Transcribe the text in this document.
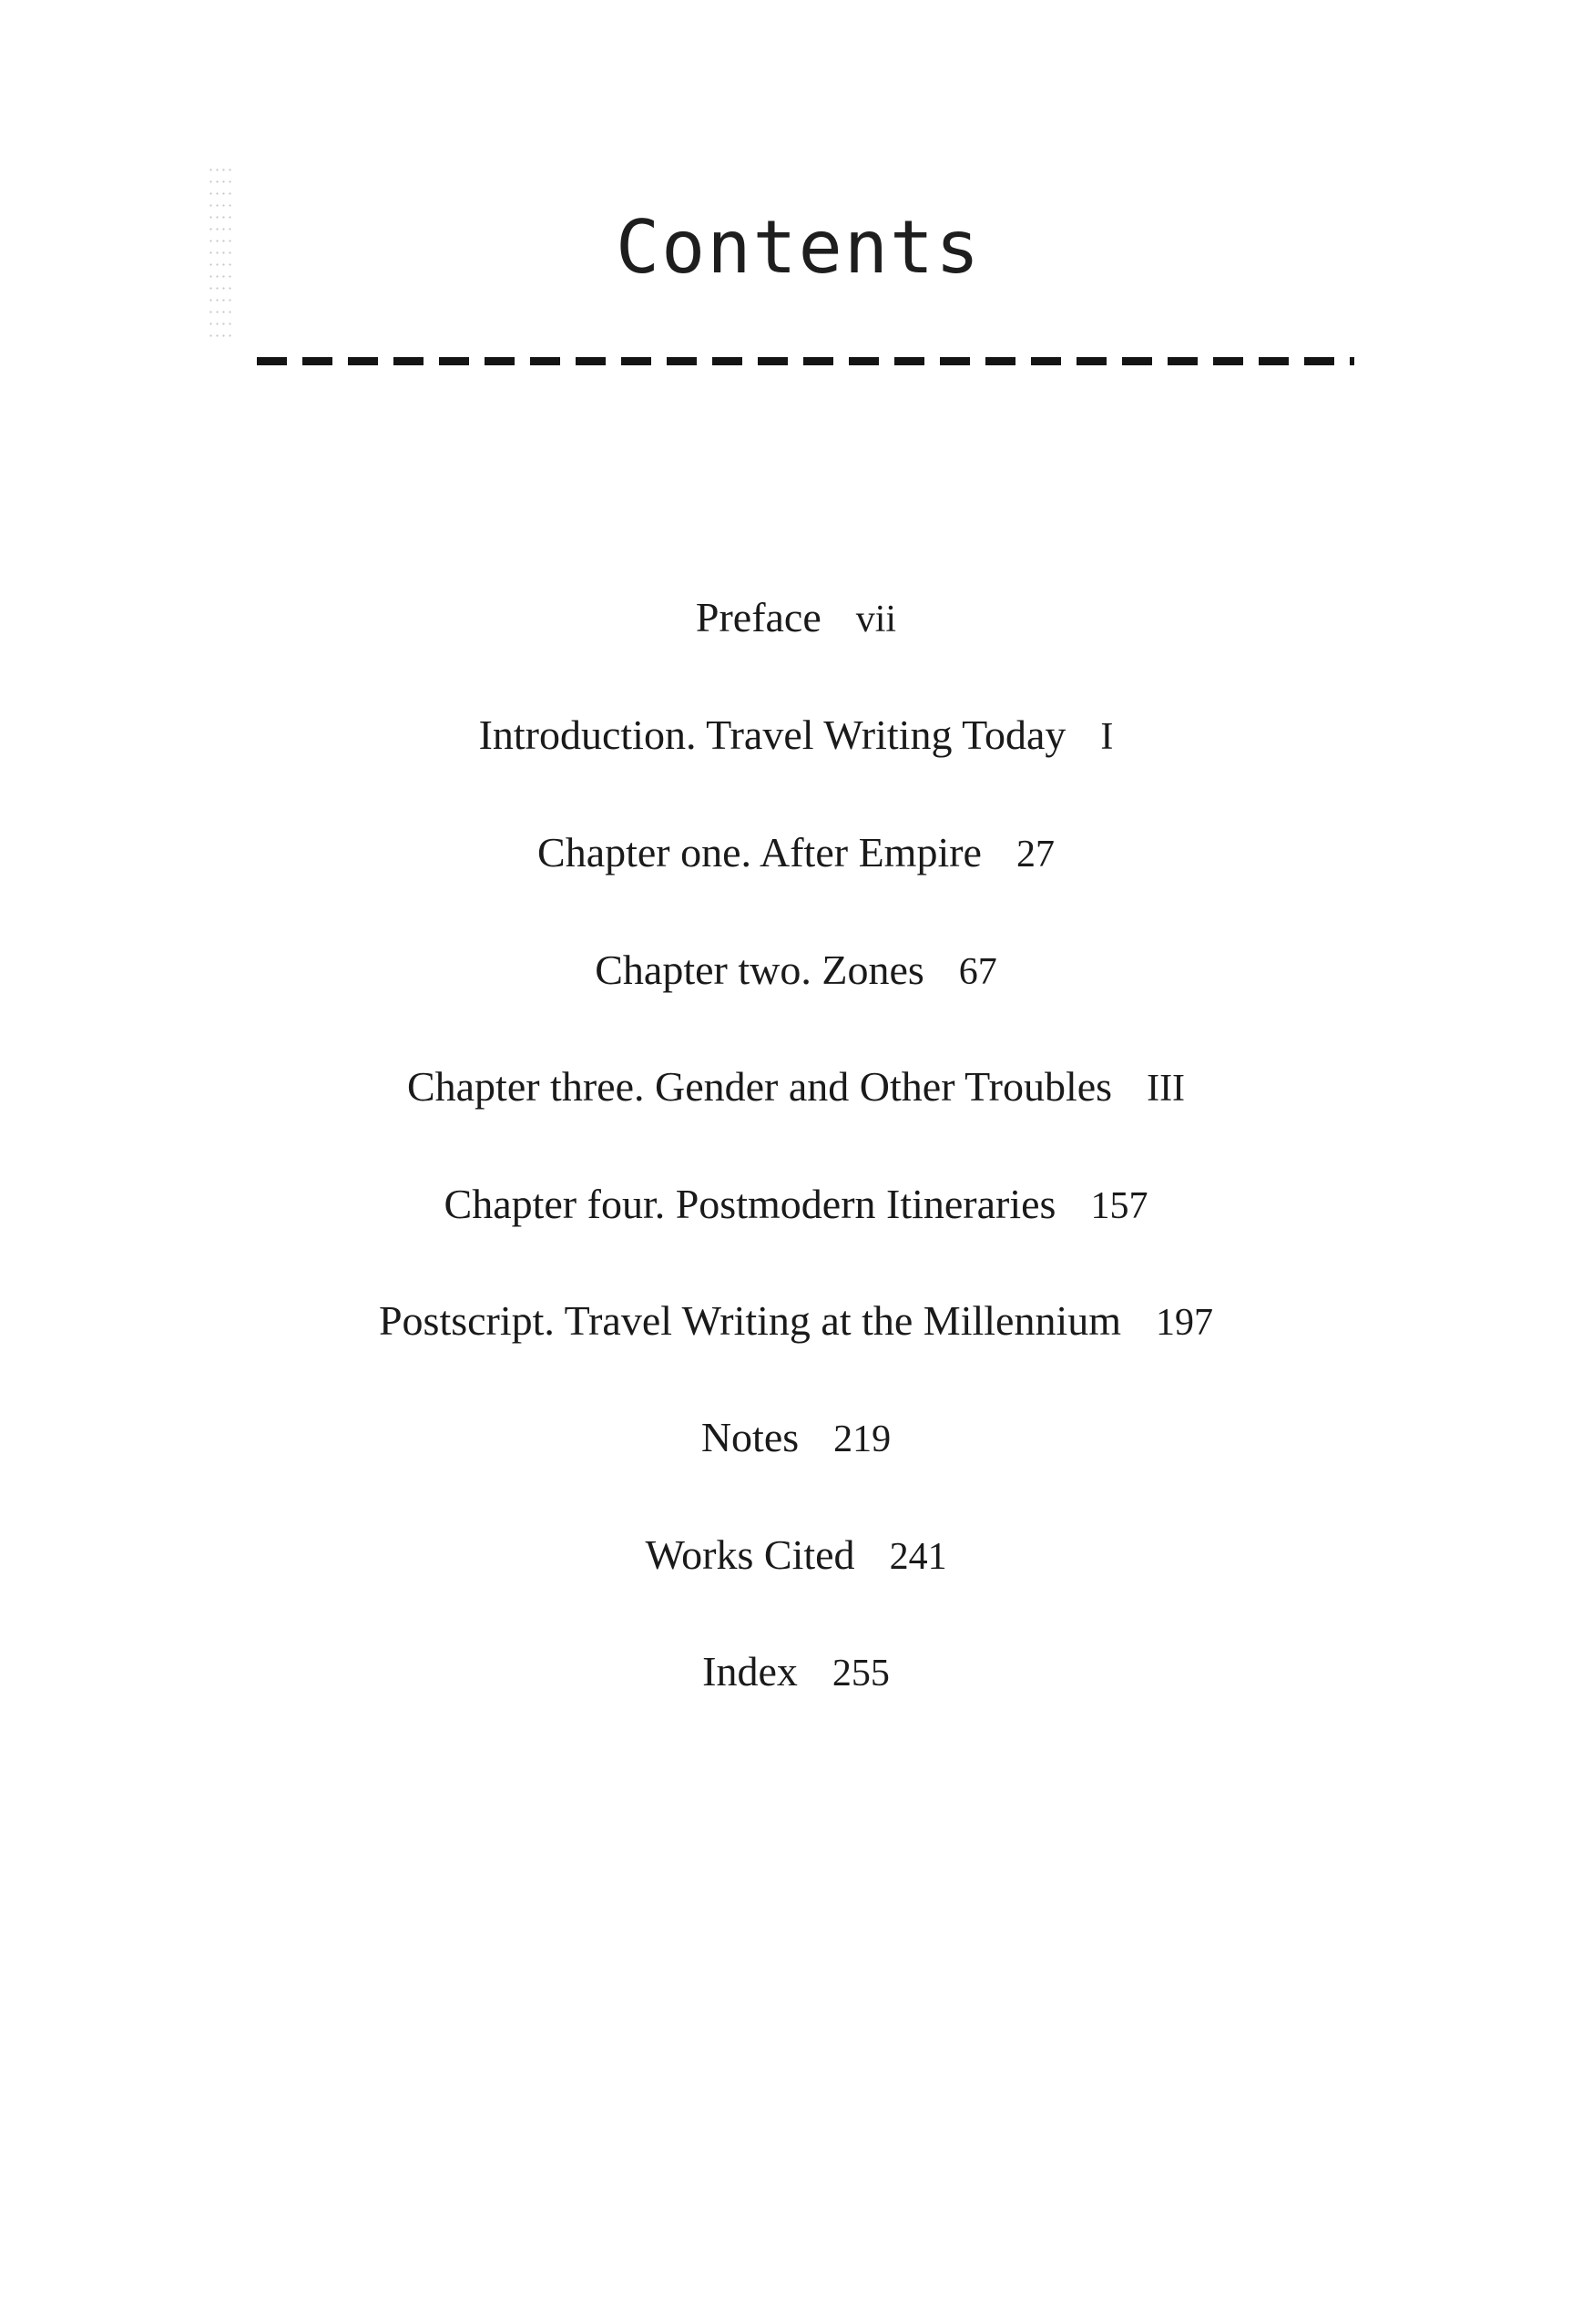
Contents
Preface vii
Introduction. Travel Writing Today I
Chapter one. After Empire 27
Chapter two. Zones 67
Chapter three. Gender and Other Troubles III
Chapter four. Postmodern Itineraries 157
Postscript. Travel Writing at the Millennium 197
Notes 219
Works Cited 241
Index 255
